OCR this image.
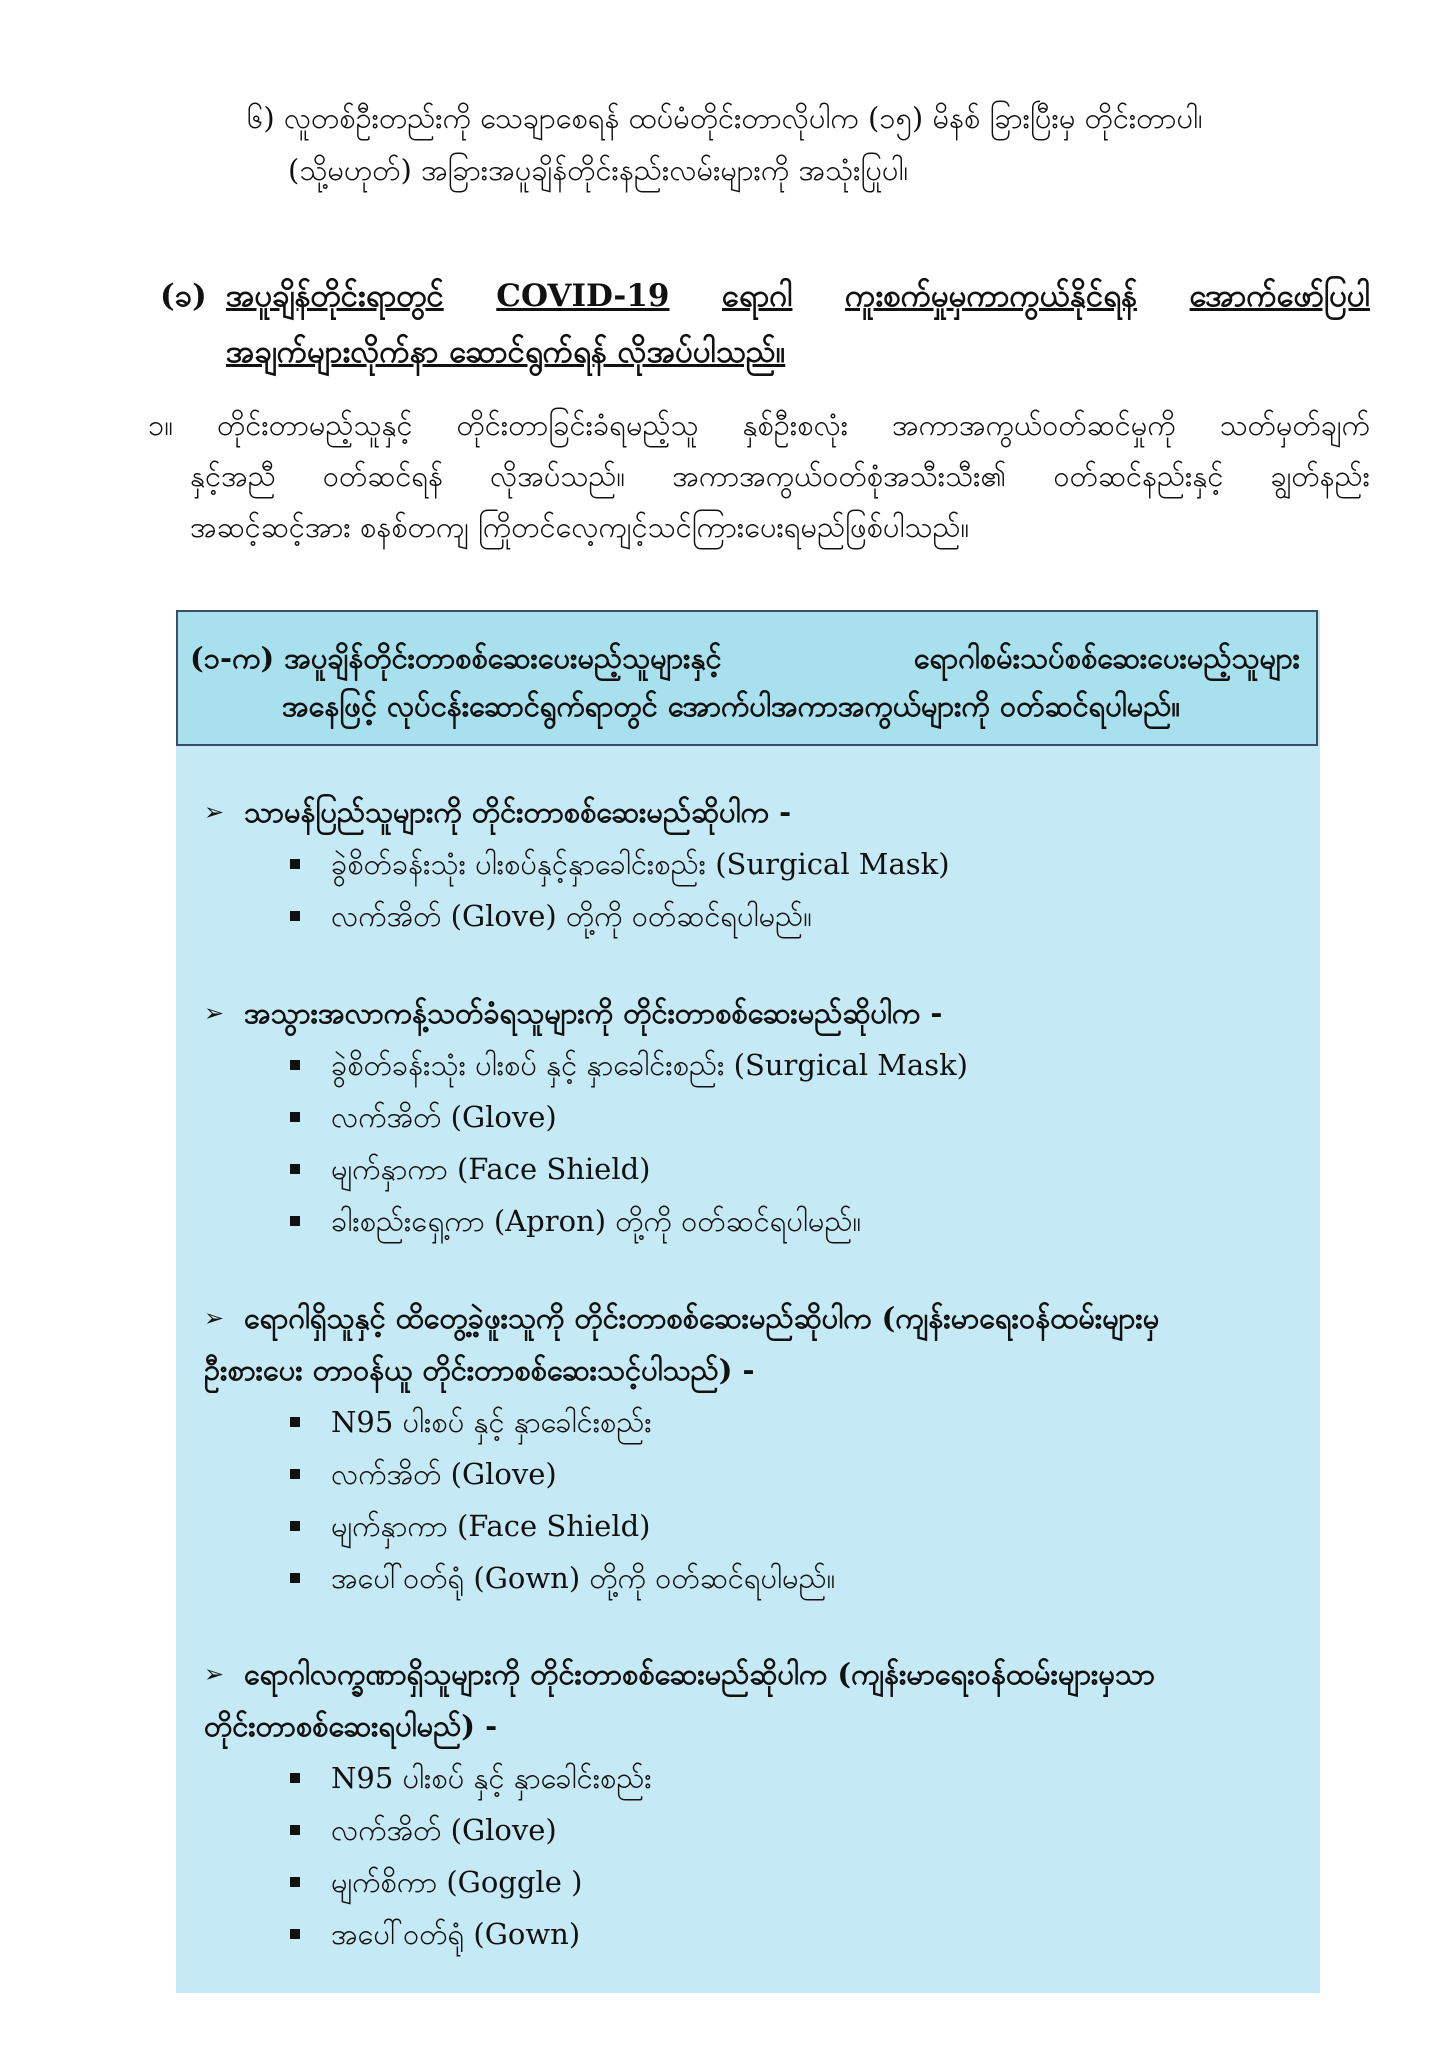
၆) လူတစ်ဦးတည်းကို သေချာစေရန် ထပ်မံတိုင်းတာလိုပါက (၁၅) မိနစ် ခြားပြီးမှ တိုင်းတာပါ၊
(သို့မဟုတ်) အခြားအပူချိန်တိုင်းနည်းလမ်းများကို အသုံးပြုပါ၊
(ခ) အပူချိန်တိုင်းရာတွင် COVID-19 ရောဂါ ကူးစက်မှုမှကာကွယ်နိုင်ရန် အောက်ဖော်ပြပါ
အချက်များလိုက်နာ ဆောင်ရွက်ရန် လိုအပ်ပါသည်။
၁။ တိုင်းတာမည့်သူနှင့် တိုင်းတာခြင်းခံရမည့်သူ နှစ်ဦးစလုံး အကာအကွယ်ဝတ်ဆင်မှုကို သတ်မှတ်ချက်
နှင့်အညီ ဝတ်ဆင်ရန် လိုအပ်သည်။ အကာအကွယ်ဝတ်စုံအသီးသီး၏ ဝတ်ဆင်နည်းနှင့် ချွတ်နည်း
အဆင့်ဆင့်အား စနစ်တကျ ကြိုတင်လေ့ကျင့်သင်ကြားပေးရမည်ဖြစ်ပါသည်။
(၁-က) အပူချိန်တိုင်းတာစစ်ဆေးပေးမည့်သူများနှင့်	ရောဂါစမ်းသပ်စစ်ဆေးပေးမည့်သူများ
အနေဖြင့် လုပ်ငန်းဆောင်ရွက်ရာတွင် အောက်ပါအကာအကွယ်များကို ဝတ်ဆင်ရပါမည်။
➢ သာမန်ပြည်သူများကို တိုင်းတာစစ်ဆေးမည်ဆိုပါက -
ခွဲစိတ်ခန်းသုံး ပါးစပ်နှင့်နှာခေါင်းစည်း (Surgical Mask)
လက်အိတ် (Glove) တို့ကို ဝတ်ဆင်ရပါမည်။
➢ အသွားအလာကန့်သတ်ခံရသူများကို တိုင်းတာစစ်ဆေးမည်ဆိုပါက -
ခွဲစိတ်ခန်းသုံး ပါးစပ် နှင့် နှာခေါင်းစည်း (Surgical Mask)
လက်အိတ် (Glove)
မျက်နှာကာ (Face Shield)
ခါးစည်းရှေ့ကာ (Apron) တို့ကို ဝတ်ဆင်ရပါမည်။
➢ ရောဂါရှိသူနှင့် ထိတွေ့ခဲ့ဖူးသူကို တိုင်းတာစစ်ဆေးမည်ဆိုပါက (ကျန်းမာရေးဝန်ထမ်းများမှ
ဦးစားပေး တာဝန်ယူ တိုင်းတာစစ်ဆေးသင့်ပါသည်) -
N95 ပါးစပ် နှင့် နှာခေါင်းစည်း
လက်အိတ် (Glove)
မျက်နှာကာ (Face Shield)
အပေါ်ဝတ်ရုံ (Gown) တို့ကို ဝတ်ဆင်ရပါမည်။
➢ ရောဂါလက္ခဏာရှိသူများကို တိုင်းတာစစ်ဆေးမည်ဆိုပါက (ကျန်းမာရေးဝန်ထမ်းများမှသာ
တိုင်းတာစစ်ဆေးရပါမည်) -
N95 ပါးစပ် နှင့် နှာခေါင်းစည်း
လက်အိတ် (Glove)
မျက်စိကာ (Goggle )
အပေါ်ဝတ်ရုံ (Gown)
